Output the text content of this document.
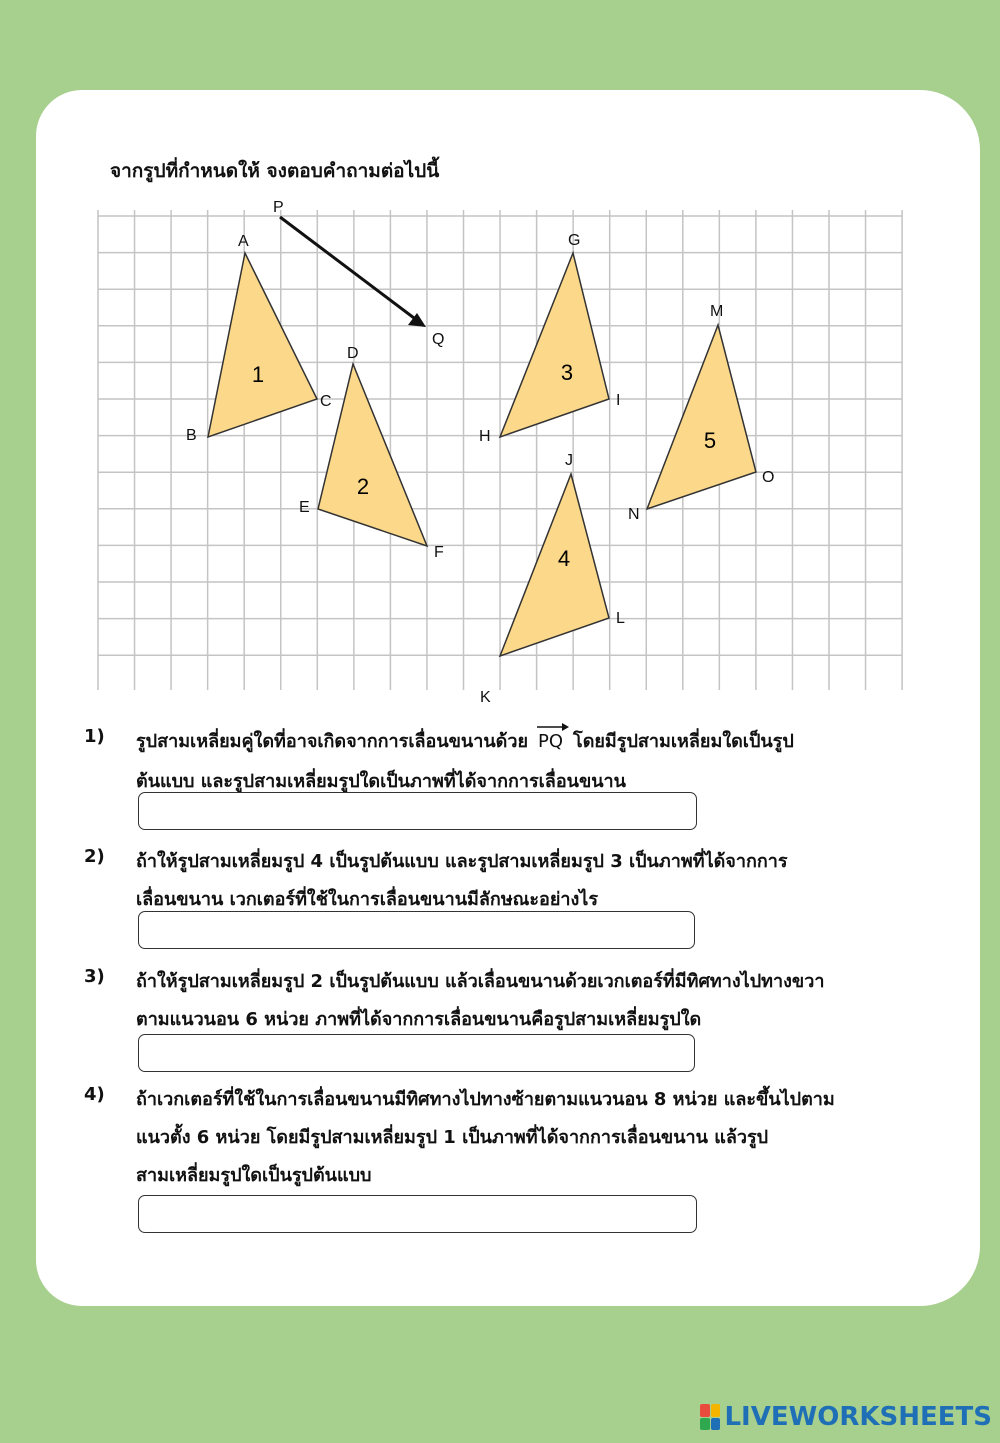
จากรูปที่กำหนดให้ จงตอบคำถามต่อไปนี้
1
2
3
4
5
P
Q
A
B
C
D
E
F
G
H
I
J
K
L
M
N
O
1) รูปสามเหลี่ยมคู่ใดที่อาจเกิดจากการเลื่อนขนานด้วย PQ โดยมีรูปสามเหลี่ยมใดเป็นรูป
ต้นแบบ และรูปสามเหลี่ยมรูปใดเป็นภาพที่ได้จากการเลื่อนขนาน
2) ถ้าให้รูปสามเหลี่ยมรูป 4 เป็นรูปต้นแบบ และรูปสามเหลี่ยมรูป 3 เป็นภาพที่ได้จากการ
เลื่อนขนาน เวกเตอร์ที่ใช้ในการเลื่อนขนานมีลักษณะอย่างไร
3) ถ้าให้รูปสามเหลี่ยมรูป 2 เป็นรูปต้นแบบ แล้วเลื่อนขนานด้วยเวกเตอร์ที่มีทิศทางไปทางขวา
ตามแนวนอน 6 หน่วย ภาพที่ได้จากการเลื่อนขนานคือรูปสามเหลี่ยมรูปใด
4) ถ้าเวกเตอร์ที่ใช้ในการเลื่อนขนานมีทิศทางไปทางซ้ายตามแนวนอน 8 หน่วย และขึ้นไปตาม
แนวตั้ง 6 หน่วย โดยมีรูปสามเหลี่ยมรูป 1 เป็นภาพที่ได้จากการเลื่อนขนาน แล้วรูป
สามเหลี่ยมรูปใดเป็นรูปต้นแบบ
LIVEWORKSHEETS
